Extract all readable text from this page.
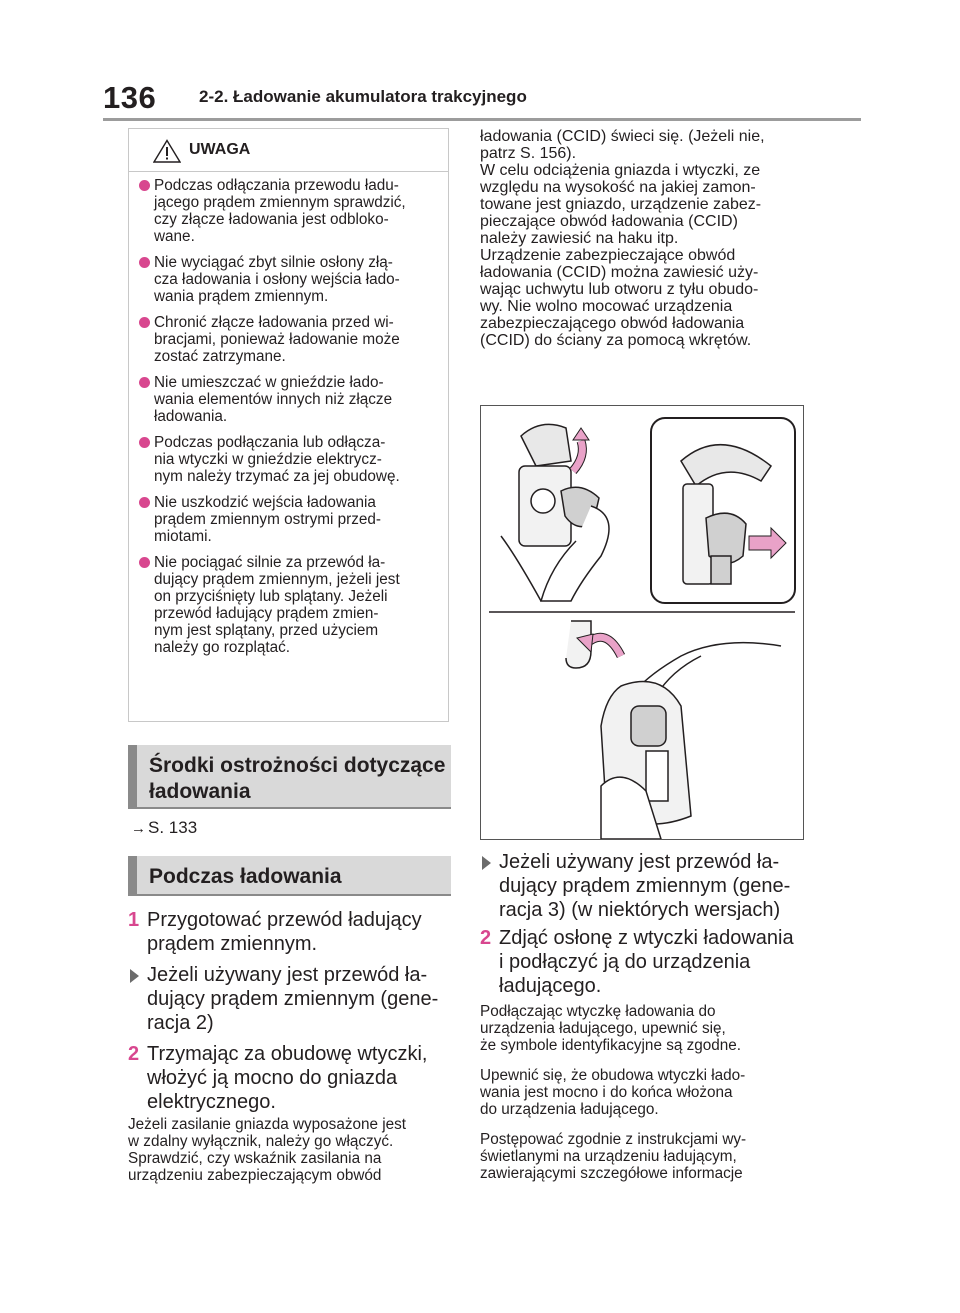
136	2-2. Ładowanie akumulatora trakcyjnego
UWAGA
Podczas odłączania przewodu ładu-
jącego prądem zmiennym sprawdzić,
czy złącze ładowania jest odbloko-
wane.
Nie wyciągać zbyt silnie osłony złą-
cza ładowania i osłony wejścia łado-
wania prądem zmiennym.
Chronić złącze ładowania przed wi-
bracjami, ponieważ ładowanie może
zostać zatrzymane.
Nie umieszczać w gnieździe łado-
wania elementów innych niż złącze
ładowania.
Podczas podłączania lub odłącza-
nia wtyczki w gnieździe elektrycz-
nym należy trzymać za jej obudowę.
Nie uszkodzić wejścia ładowania
prądem zmiennym ostrymi przed-
miotami.
Nie pociągać silnie za przewód ła-
dujący prądem zmiennym, jeżeli jest
on przyciśnięty lub splątany. Jeżeli
przewód ładujący prądem zmien-
nym jest splątany, przed użyciem
należy go rozplątać.
Środki ostrożności dotyczące
ładowania
→ S. 133
Podczas ładowania
1 Przygotować przewód ładujący
prądem zmiennym.
Jeżeli używany jest przewód ła-
dujący prądem zmiennym (gene-
racja 2)
2 Trzymając za obudowę wtyczki,
włożyć ją mocno do gniazda
elektrycznego.
Jeżeli zasilanie gniazda wyposażone jest
w zdalny wyłącznik, należy go włączyć.
Sprawdzić, czy wskaźnik zasilania na
urządzeniu zabezpieczającym obwód
ładowania (CCID) świeci się. (Jeżeli nie,
patrz S. 156).
W celu odciążenia gniazda i wtyczki, ze
względu na wysokość na jakiej zamon-
towane jest gniazdo, urządzenie zabez-
pieczające obwód ładowania (CCID)
należy zawiesić na haku itp.
Urządzenie zabezpieczające obwód
ładowania (CCID) można zawiesić uży-
wając uchwytu lub otworu z tyłu obudo-
wy. Nie wolno mocować urządzenia
zabezpieczającego obwód ładowania
(CCID) do ściany za pomocą wkrętów.
Jeżeli używany jest przewód ła-
dujący prądem zmiennym (gene-
racja 3) (w niektórych wersjach)
2 Zdjąć osłonę z wtyczki ładowania
i podłączyć ją do urządzenia
ładującego.
Podłączając wtyczkę ładowania do
urządzenia ładującego, upewnić się,
że symbole identyfikacyjne są zgodne.
Upewnić się, że obudowa wtyczki łado-
wania jest mocno i do końca włożona
do urządzenia ładującego.
Postępować zgodnie z instrukcjami wy-
świetlanymi na urządzeniu ładującym,
zawierającymi szczegółowe informacje
